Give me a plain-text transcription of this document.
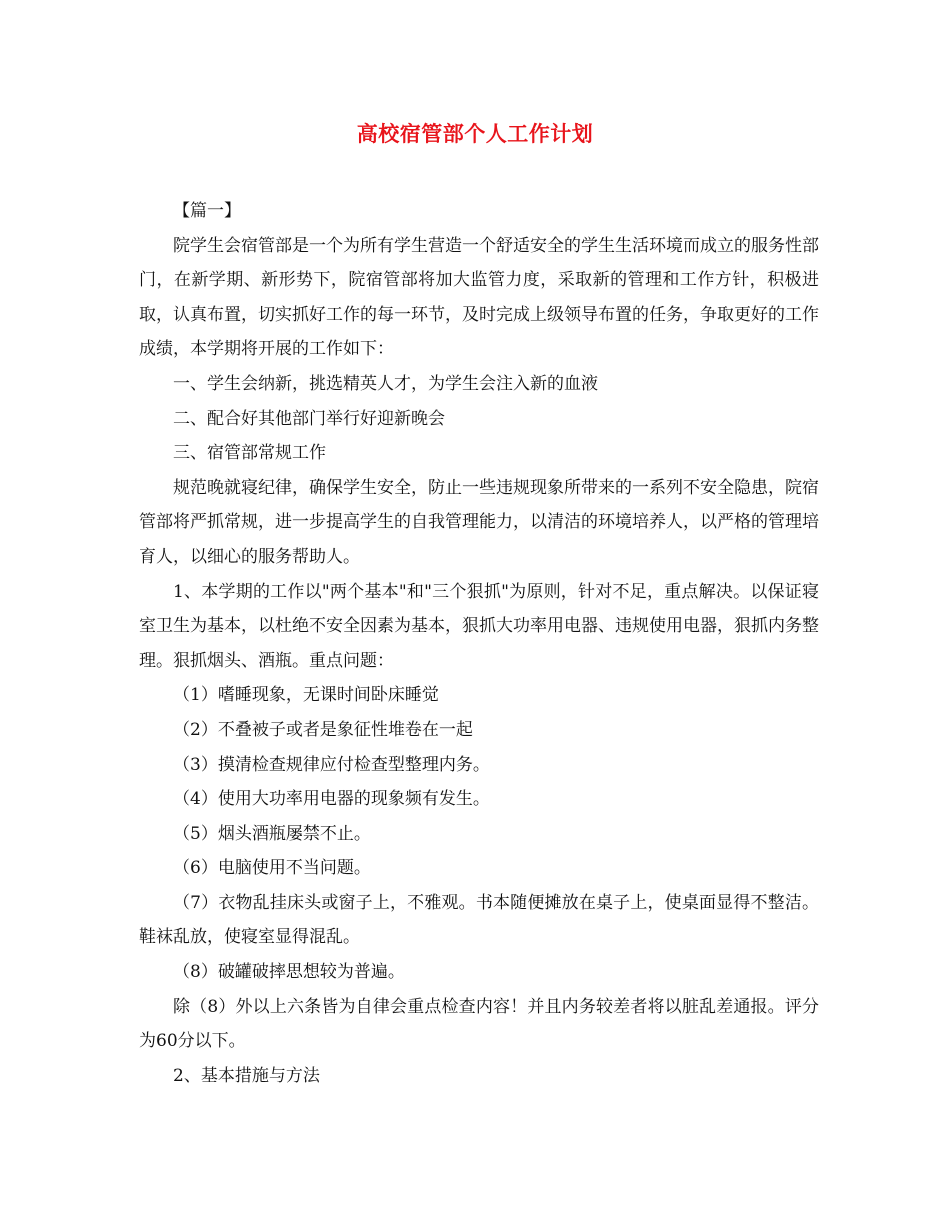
高校宿管部个人工作计划

【篇一】

院学生会宿管部是一个为所有学生营造一个舒适安全的学生生活环境而成立的服务性部门，在新学期、新形势下，院宿管部将加大监管力度，采取新的管理和工作方针，积极进取，认真布置，切实抓好工作的每一环节，及时完成上级领导布置的任务，争取更好的工作成绩，本学期将开展的工作如下：

一、学生会纳新，挑选精英人才，为学生会注入新的血液

二、配合好其他部门举行好迎新晚会

三、宿管部常规工作

规范晚就寝纪律，确保学生安全，防止一些违规现象所带来的一系列不安全隐患，院宿管部将严抓常规，进一步提高学生的自我管理能力，以清洁的环境培养人，以严格的管理培育人，以细心的服务帮助人。

1、本学期的工作以"两个基本"和"三个狠抓"为原则，针对不足，重点解决。以保证寝室卫生为基本，以杜绝不安全因素为基本，狠抓大功率用电器、违规使用电器，狠抓内务整理。狠抓烟头、酒瓶。重点问题：

（1）嗜睡现象，无课时间卧床睡觉

（2）不叠被子或者是象征性堆卷在一起

（3）摸清检查规律应付检查型整理内务。

（4）使用大功率用电器的现象频有发生。

（5）烟头酒瓶屡禁不止。

（6）电脑使用不当问题。

（7）衣物乱挂床头或窗子上，不雅观。书本随便摊放在桌子上，使桌面显得不整洁。鞋袜乱放，使寝室显得混乱。

（8）破罐破摔思想较为普遍。

除（8）外以上六条皆为自律会重点检查内容！并且内务较差者将以脏乱差通报。评分为60分以下。

2、基本措施与方法
